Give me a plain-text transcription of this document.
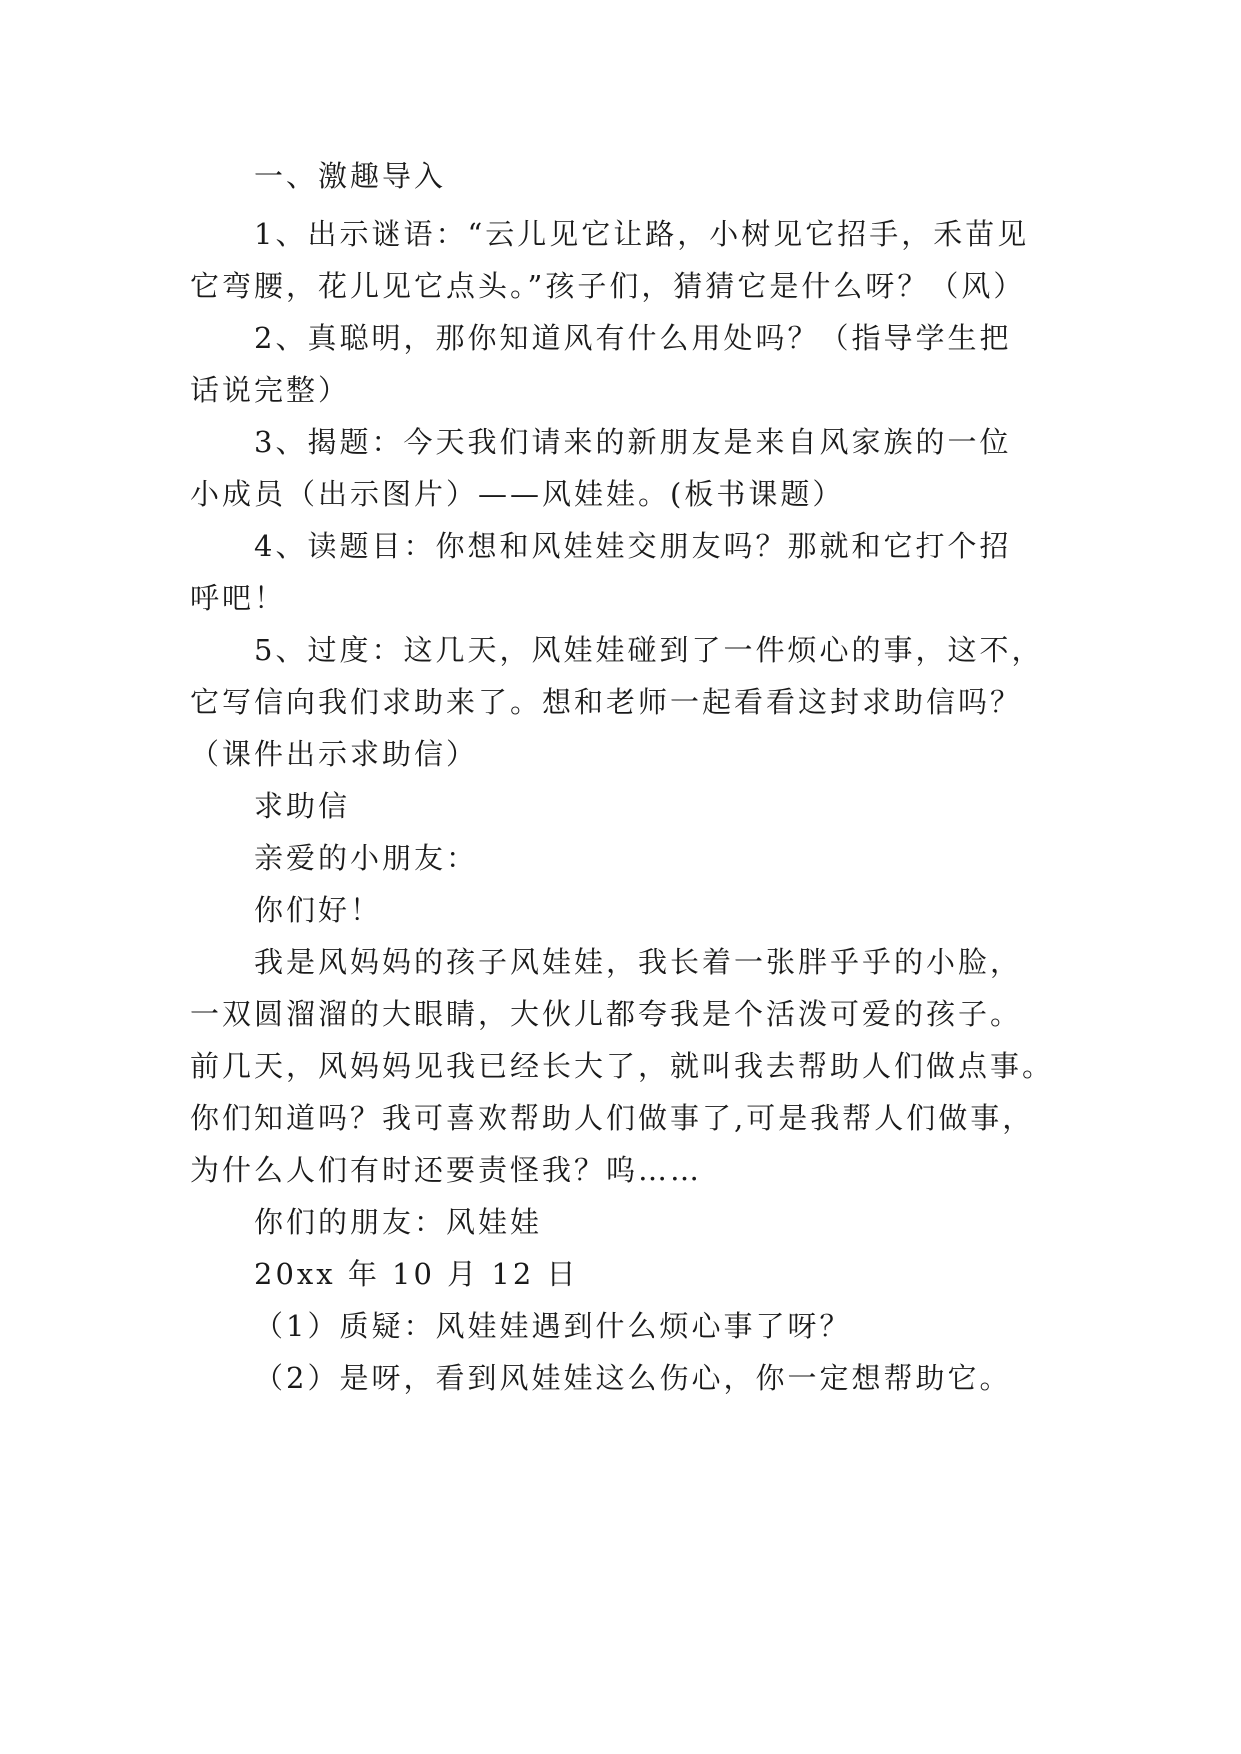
一、激趣导入
1、出示谜语：“云儿见它让路，小树见它招手，禾苗见
它弯腰，花儿见它点头。”孩子们，猜猜它是什么呀？（风）
2、真聪明，那你知道风有什么用处吗？（指导学生把
话说完整）
3、揭题：今天我们请来的新朋友是来自风家族的一位
小成员（出示图片）——风娃娃。(板书课题）
4、读题目：你想和风娃娃交朋友吗？那就和它打个招
呼吧！
5、过度：这几天，风娃娃碰到了一件烦心的事，这不，
它写信向我们求助来了。想和老师一起看看这封求助信吗？
（课件出示求助信）
求助信
亲爱的小朋友：
你们好！
我是风妈妈的孩子风娃娃，我长着一张胖乎乎的小脸，
一双圆溜溜的大眼睛，大伙儿都夸我是个活泼可爱的孩子。
前几天，风妈妈见我已经长大了，就叫我去帮助人们做点事。
你们知道吗？我可喜欢帮助人们做事了,可是我帮人们做事，
为什么人们有时还要责怪我？呜……
你们的朋友：风娃娃
20xx 年 10 月 12 日
（1）质疑：风娃娃遇到什么烦心事了呀？
（2）是呀，看到风娃娃这么伤心，你一定想帮助它。
